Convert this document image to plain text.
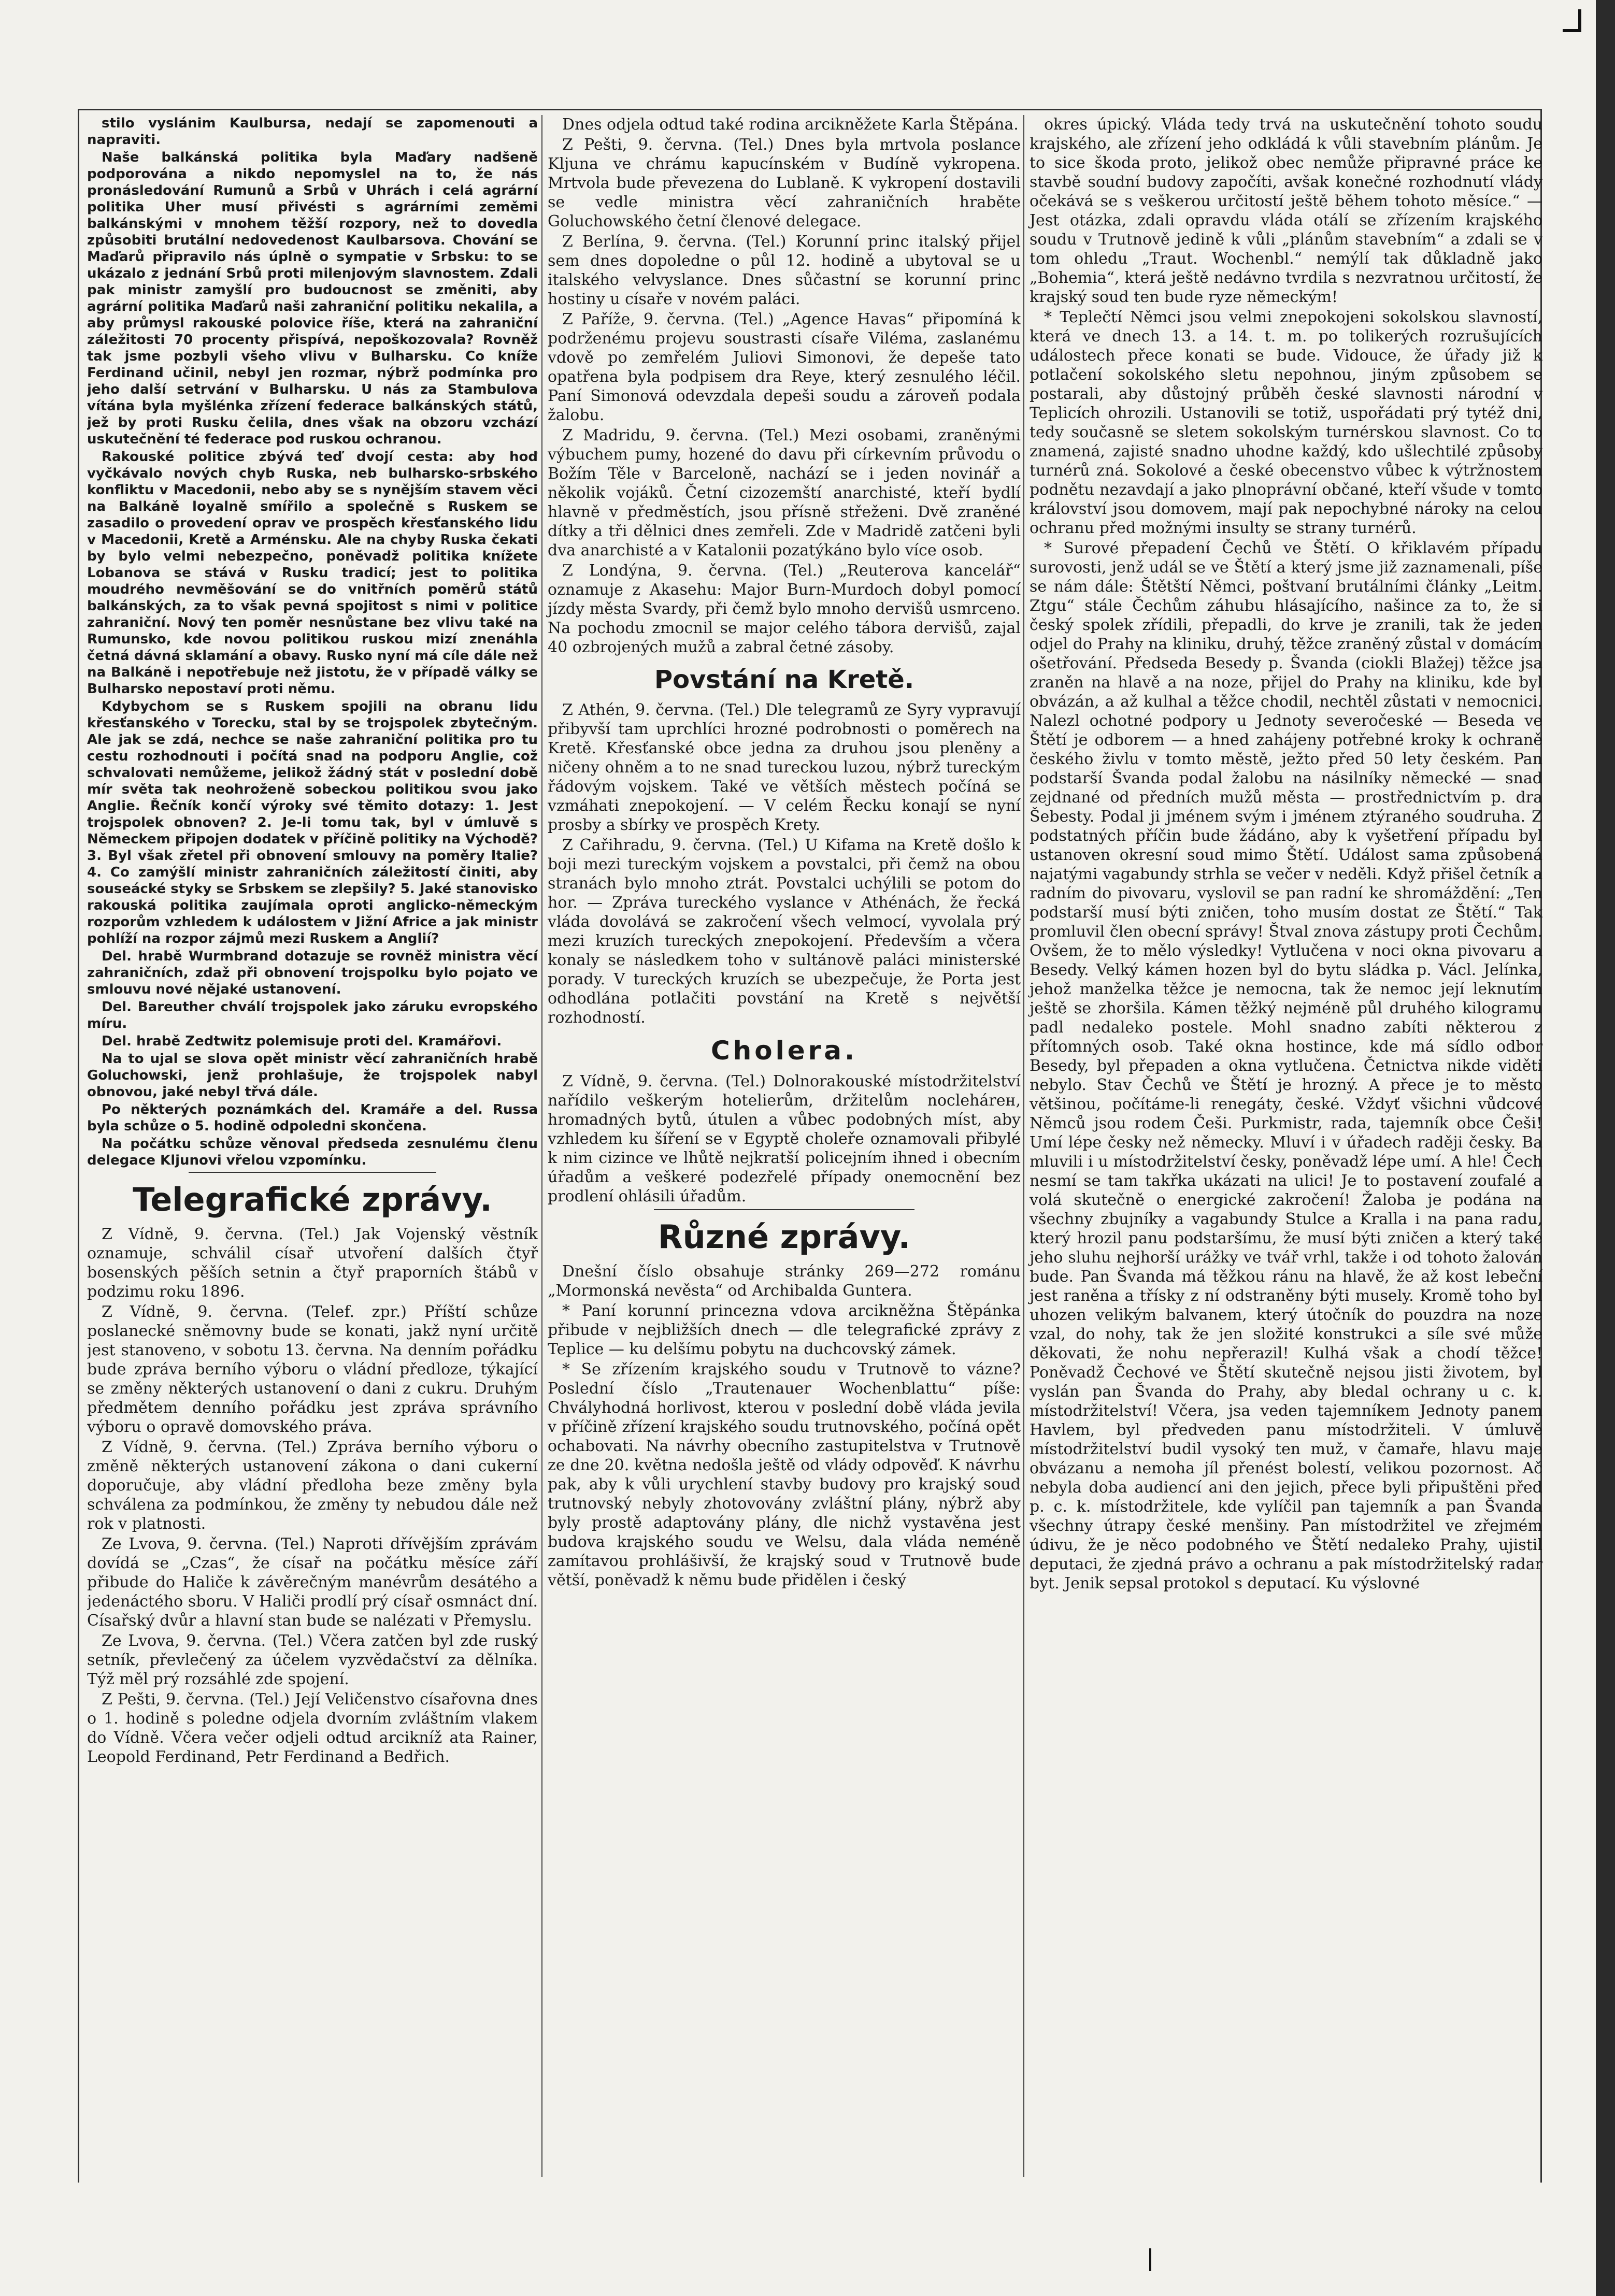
stilo vyslánim Kaulbursa, nedají se zapomenouti a napraviti.

Naše balkánská politika byla Maďary nadšeně podporována a nikdo nepomyslel na to, že nás pronásledování Rumunů a Srbů v Uhrách i celá agrární politika Uher musí přivésti s agrárními zeměmi balkánskými v mnohem těžší rozpory, než to dovedla způsobiti brutální nedovedenost Kaulbarsova. Chování se Maďarů připravilo nás úplně o sympatie v Srbsku: to se ukázalo z jednání Srbů proti milenjovým slavnostem. Zdali pak ministr zamyšlí pro budoucnost se změniti, aby agrární politika Maďarů naši zahraniční politiku nekalila, a aby průmysl rakouské polovice říše, která na zahraniční záležitosti 70 procenty přispívá, nepoškozovala? Rovněž tak jsme pozbyli všeho vlivu v Bulharsku. Co kníže Ferdinand učinil, nebyl jen rozmar, nýbrž podmínka pro jeho další setrvání v Bulharsku. U nás za Stambulova vítána byla myšlénka zřízení federace balkánských států, jež by proti Rusku čelila, dnes však na obzoru vzchází uskutečnění té federace pod ruskou ochranou.

Rakouské politice zbývá teď dvojí cesta: aby hoď vyčkávalo nových chyb Ruska, neb bulharsko-srbského konfliktu v Macedonii, nebo aby se s nynějším stavem věci na Balkáně loyalně smířilo a společně s Ruskem se zasadilo o provedení oprav ve prospěch křesťanského lidu v Macedonii, Kretě a Arménsku. Ale na chyby Ruska čekati by bylo velmi nebezpečno, poněvadž politika knížete Lobanova se stává v Rusku tradicí; jest to politika moudrého nevměšování se do vnitřních poměrů států balkánských, za to však pevná spojitost s nimi v politice zahraniční. Nový ten poměr nesnůstane bez vlivu také na Rumunsko, kde novou politikou ruskou mizí znenáhla četná dávná sklamání a obavy. Rusko nyní má cíle dále než na Balkáně i nepotřebuje než jistotu, že v případě války se Bulharsko nepostaví proti němu.

Kdybychom se s Ruskem spojili na obranu lidu křesťanského v Torecku, stal by se trojspolek zbytečným. Ale jak se zdá, nechce se naše zahraniční politika pro tu cestu rozhodnouti i počítá snad na podporu Anglie, což schvalovati nemůžeme, jelikož žádný stát v poslední době mír světa tak neohroženě sobeckou politikou svou jako Anglie. Řečník končí výroky své těmito dotazy: 1. Jest trojspolek obnoven? 2. Je-li tomu tak, byl v úmluvě s Německem připojen dodatek v příčině politiky na Východě? 3. Byl však zřetel při obnovení smlouvy na poměry Italie? 4. Co zamýšlí ministr zahraničních záležitostí činiti, aby souseácké styky se Srbskem se zlepšily? 5. Jaké stanovisko rakouská politika zaujímala oproti anglicko-německým rozporům vzhledem k událostem v Jižní Africe a jak ministr pohlíží na rozpor zájmů mezi Ruskem a Anglií?

Del. hrabě Wurmbrand dotazuje se rovněž ministra věcí zahraničních, zdaž při obnovení trojspolku bylo pojato ve smlouvu nové nějaké ustanovení.

Del. Bareuther chválí trojspolek jako záruku evropského míru.

Del. hrabě Zedtwitz polemisuje proti del. Kramářovi.

Na to ujal se slova opět ministr věcí zahraničních hrabě Goluchowski, jenž prohlašuje, že trojspolek nabyl obnovou, jaké nebyl třvá dále.

Po některých poznámkách del. Kramáře a del. Russa byla schůze o 5. hodině odpoledni skončena.

Na počátku schůze věnoval předseda zesnulému členu delegace Kljunovi vřelou vzpomínku.

Telegrafické zprávy.

Z Vídně, 9. června. (Tel.) Jak Vojenský věstník oznamuje, schválil císař utvoření dalších čtyř bosenských pěších setnin a čtyř praporních štábů v podzimu roku 1896.

Z Vídně, 9. června. (Telef. zpr.) Příští schůze poslanecké sněmovny bude se konati, jakž nyní určitě jest stanoveno, v sobotu 13. června. Na denním pořádku bude zpráva berního výboru o vládní předloze, týkající se změny některých ustanovení o dani z cukru. Druhým předmětem denního pořádku jest zpráva správního výboru o opravě domovského práva.

Z Vídně, 9. června. (Tel.) Zpráva berního výboru o změně některých ustanovení zákona o dani cukerní doporučuje, aby vládní předloha beze změny byla schválena za podmínkou, že změny ty nebudou dále než rok v platnosti.

Ze Lvova, 9. června. (Tel.) Naproti dřívějším zprávám dovídá se „Czas“, že císař na počátku měsíce září přibude do Haliče k závěrečným manévrům desátého a jedenáctého sboru. V Haliči prodlí prý císař osmnáct dní. Císařský dvůr a hlavní stan bude se nalézati v Přemyslu.

Ze Lvova, 9. června. (Tel.) Včera zatčen byl zde ruský setník, převlečený za účelem vyzvědačství za dělníka. Týž měl prý rozsáhlé zde spojení.

Z Pešti, 9. června. (Tel.) Její Veličenstvo císařovna dnes o 1. hodině s poledne odjela dvorním zvláštním vlakem do Vídně. Včera večer odjeli odtud arcikníž ata Rainer, Leopold Ferdinand, Petr Ferdinand a Bedřich.

Dnes odjela odtud také rodina arcikněžete Karla Štěpána.

Z Pešti, 9. června. (Tel.) Dnes byla mrtvola poslance Kljuna ve chrámu kapucínském v Budíně vykropena. Mrtvola bude převezena do Lublaně. K vykropení dostavili se vedle ministra věcí zahraničních hraběte Goluchowského četní členové delegace.

Z Berlína, 9. června. (Tel.) Korunní princ italský přijel sem dnes dopoledne o půl 12. hodině a ubytoval se u italského velvyslance. Dnes sůčastní se korunní princ hostiny u císaře v novém paláci.

Z Paříže, 9. června. (Tel.) „Agence Havas“ připomíná k podrženému projevu soustrasti císaře Viléma, zaslanému vdově po zemřelém Juliovi Simonovi, že depeše tato opatřena byla podpisem dra Reye, který zesnulého léčil. Paní Simonová odevzdala depeši soudu a zároveň podala žalobu.

Z Madridu, 9. června. (Tel.) Mezi osobami, zraněnými výbuchem pumy, hozené do davu při církevním průvodu o Božím Těle v Barceloně, nachází se i jeden novinář a několik vojáků. Četní cizozemští anarchisté, kteří bydlí hlavně v předměstích, jsou přísně střeženi. Dvě zraněné dítky a tři dělnici dnes zemřeli. Zde v Madridě zatčeni byli dva anarchisté a v Katalonii pozatýkáno bylo více osob.

Z Londýna, 9. června. (Tel.) „Reuterova kancelář“ oznamuje z Akasehu: Major Burn-Murdoch dobyl pomocí jízdy města Svardy, při čemž bylo mnoho dervišů usmrceno. Na pochodu zmocnil se major celého tábora dervišů, zajal 40 ozbrojených mužů a zabral četné zásoby.

Povstání na Kretě.

Z Athén, 9. června. (Tel.) Dle telegramů ze Syry vypravují přibyvší tam uprchlíci hrozné podrobnosti o poměrech na Kretě. Křesťanské obce jedna za druhou jsou pleněny a ničeny ohněm a to ne snad tureckou luzou, nýbrž tureckým řádovým vojskem. Také ve větších městech počíná se vzmáhati znepokojení. — V celém Řecku konají se nyní prosby a sbírky ve prospěch Krety.

Z Cařihradu, 9. června. (Tel.) U Kifama na Kretě došlo k boji mezi tureckým vojskem a povstalci, při čemž na obou stranách bylo mnoho ztrát. Povstalci uchýlili se potom do hor. — Zpráva tureckého vyslance v Athénách, že řecká vláda dovolává se zakročení všech velmocí, vyvolala prý mezi kruzích tureckých znepokojení. Především a včera konaly se následkem toho v sultánově paláci ministerské porady. V tureckých kruzích se ubezpečuje, že Porta jest odhodlána potlačiti povstání na Kretě s největší rozhodností.

Cholera.

Z Vídně, 9. června. (Tel.) Dolnorakouské místodržitelství nařídilo veškerým hotelierům, držitelům noclehárен, hromadných bytů, útulen a vůbec podobných míst, aby vzhledem ku šíření se v Egyptě choleře oznamovali přibylé k nim cizince ve lhůtě nejkratší policejním ihned i obecním úřadům a veškeré podezřelé případy onemocnění bez prodlení ohlásili úřadům.

Různé zprávy.

Dnešní číslo obsahuje stránky 269—272 románu „Mormonská nevěsta“ od Archibalda Guntera.

* Paní korunní princezna vdova arcikněžna Štěpánka přibude v nejbližších dnech — dle telegrafické zprávy z Teplice — ku delšímu pobytu na duchcovský zámek.

* Se zřízením krajského soudu v Trutnově to vázne? Poslední číslo „Trautenauer Wochenblattu“ píše: Chvályhodná horlivost, kterou v poslední době vláda jevila v příčině zřízení krajského soudu trutnovského, počíná opět ochabovati. Na návrhy obecního zastupitelstva v Trutnově ze dne 20. května nedošla ještě od vlády odpověď. K návrhu pak, aby k vůli urychlení stavby budovy pro krajský soud trutnovský nebyly zhotovovány zvláštní plány, nýbrž aby byly prostě adaptovány plány, dle nichž vystavěna jest budova krajského soudu ve Welsu, dala vláda neméně zamítavou prohlášivší, že krajský soud v Trutnově bude větší, poněvadž k němu bude přidělen i český

okres úpický. Vláda tedy trvá na uskutečnění tohoto soudu krajského, ale zřízení jeho odkládá k vůli stavebním plánům. Je to sice škoda proto, jelikož obec nemůže připravné práce ke stavbě soudní budovy započíti, avšak konečné rozhodnutí vlády očekává se s veškerou určitostí ještě během tohoto měsíce.“ — Jest otázka, zdali opravdu vláda otálí se zřízením krajského soudu v Trutnově jedině k vůli „plánům stavebním“ a zdali se v tom ohledu „Traut. Wochenbl.“ nemýlí tak důkladně jako „Bohemia“, která ještě nedávno tvrdila s nezvratnou určitostí, že krajský soud ten bude ryze německým!

* Teplečtí Němci jsou velmi znepokojeni sokolskou slavností, která ve dnech 13. a 14. t. m. po tolikerých rozrušujících událostech přece konati se bude. Vidouce, že úřady již k potlačení sokolského sletu nepohnou, jiným způsobem se postarali, aby důstojný průběh české slavnosti národní v Teplicích ohrozili. Ustanovili se totiž, uspořádati prý tytéž dni, tedy současně se sletem sokolským turnérskou slavnost. Co to znamená, zajisté snadno uhodne každý, kdo ušlechtilé způsoby turnérů zná. Sokolové a české obecenstvo vůbec k výtržnostem podnětu nezavdají a jako plnoprávní občané, kteří všude v tomto království jsou domovem, mají pak nepochybné nároky na celou ochranu před možnými insulty se strany turnérů.

* Surové přepadení Čechů ve Štětí. O křiklavém případu surovosti, jenž udál se ve Štětí a který jsme již zaznamenali, píše se nám dále: Štětští Němci, poštvaní brutálními články „Leitm. Ztgu“ stále Čechům záhubu hlásajícího, našince za to, že si český spolek zřídili, přepadli, do krve je zranili, tak že jeden odjel do Prahy na kliniku, druhý, těžce zraněný zůstal v domácím ošetřování. Předseda Besedy p. Švanda (ciokli Blažej) těžce jsa zraněn na hlavě a na noze, přijel do Prahy na kliniku, kde byl obvázán, a až kulhal a těžce chodil, nechtěl zůstati v nemocnici. Nalezl ochotné podpory u Jednoty severočeské — Beseda ve Štětí je odborem — a hned zahájeny potřebné kroky k ochraně českého živlu v tomto městě, ježto před 50 lety českém. Pan podstarší Švanda podal žalobu na násilníky německé — snad zejdnané od předních mužů města — prostřednictvím p. dra Šebesty. Podal ji jménem svým i jménem ztýraného soudruha. Z podstatných příčin bude žádáno, aby k vyšetření případu byl ustanoven okresní soud mimo Štětí. Událost sama způsobená najatými vagabundy strhla se večer v neděli. Když přišel četník a radním do pivovaru, vyslovil se pan radní ke shromáždění: „Ten podstarší musí býti zničen, toho musím dostat ze Štětí.“ Tak promluvil člen obecní správy! Štval znova zástupy proti Čechům. Ovšem, že to mělo výsledky! Vytlučena v noci okna pivovaru a Besedy. Velký kámen hozen byl do bytu sládka p. Václ. Jelínka, jehož manželka těžce je nemocna, tak že nemoc její leknutím ještě se zhoršila. Kámen těžký nejméně půl druhého kilogramu padl nedaleko postele. Mohl snadno zabíti některou z přítomných osob. Také okna hostince, kde má sídlo odbor Besedy, byl přepaden a okna vytlučena. Četnictva nikde viděti nebylo. Stav Čechů ve Štětí je hrozný. A přece je to město většinou, počítáme-li renegáty, české. Vždyť všichni vůdcové Němců jsou rodem Češi. Purkmistr, rada, tajemník obce Češi! Umí lépe česky než německy. Mluví i v úřadech raději česky. Ba mluvili i u místodržitelství česky, poněvadž lépe umí. A hle! Čech nesmí se tam takřka ukázati na ulici! Je to postavení zoufalé a volá skutečně o energické zakročení! Žaloba je podána na všechny zbujníky a vagabundy Stulce a Kralla i na pana radu, který hrozil panu podstaršímu, že musí býti zničen a který také jeho sluhu nejhorší urážky ve tvář vrhl, takže i od tohoto žalován bude. Pan Švanda má těžkou ránu na hlavě, že až kost lebeční jest raněna a třísky z ní odstraněny býti musely. Kromě toho byl uhozen velikým balvanem, který útočník do pouzdra na noze vzal, do nohy, tak že jen složité konstrukci a síle své může děkovati, že nohu nepřerazil! Kulhá však a chodí těžce! Poněvadž Čechové ve Štětí skutečně nejsou jisti životem, byl vyslán pan Švanda do Prahy, aby bledal ochrany u c. k. místodržitelství! Včera, jsa veden tajemníkem Jednoty panem Havlem, byl předveden panu místodržiteli. V úmluvě místodržitelství budil vysoký ten muž, v čamaře, hlavu maje obvázanu a nemoha jíl přenést bolestí, velikou pozornost. Ač nebyla doba audiencí ani den jejich, přece byli připuštěni před p. c. k. místodržitele, kde vylíčil pan tajemník a pan Švanda všechny útrapy české menšiny. Pan místodržitel ve zřejmém údivu, že je něco podobného ve Štětí nedaleko Prahy, ujistil deputaci, že zjedná právo a ochranu a pak místodržitelský radar byt. Jenik sepsal protokol s deputací. Ku výslovné
